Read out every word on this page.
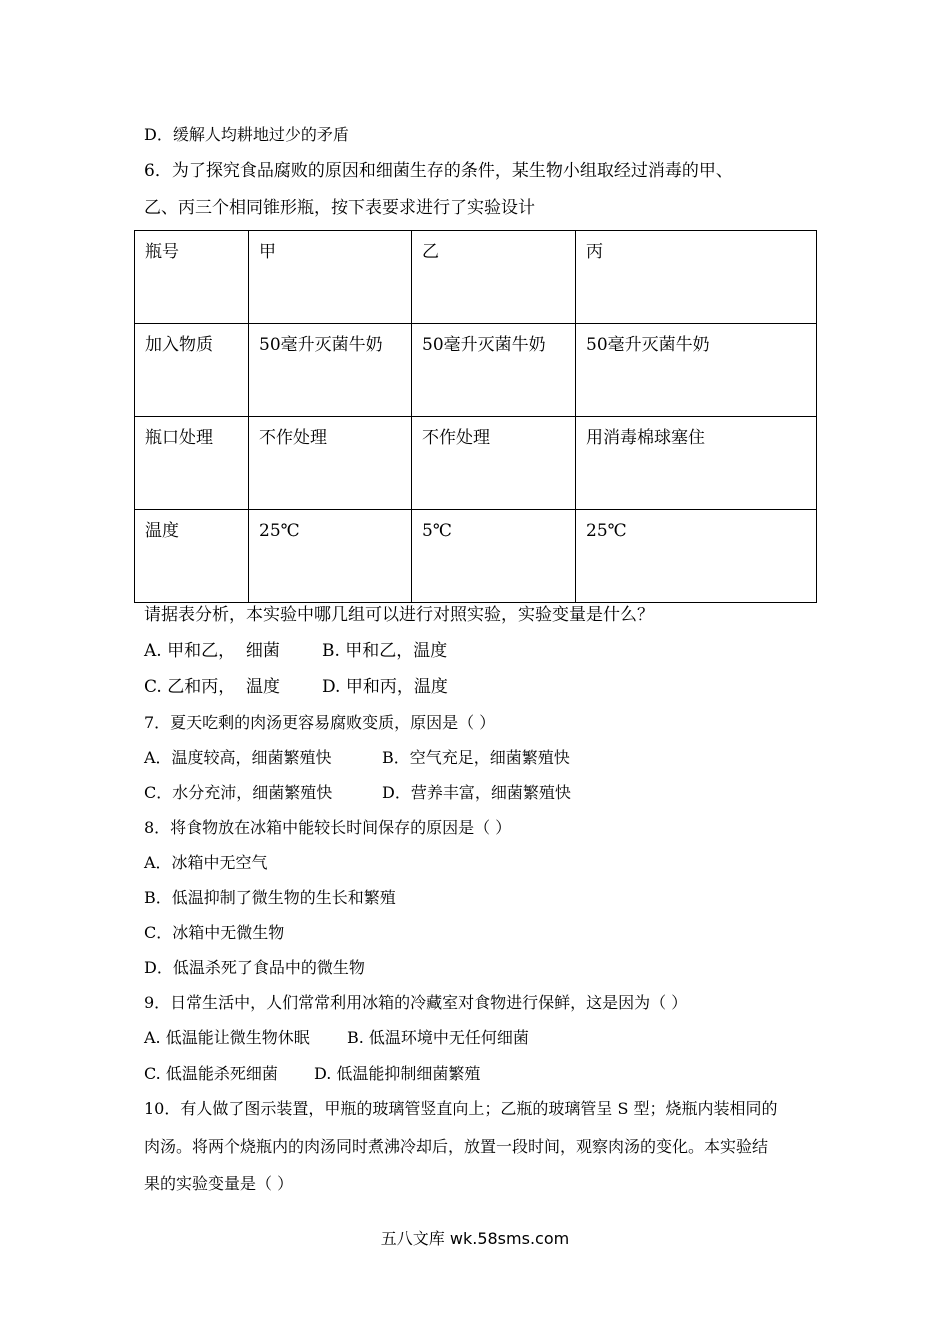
D．缓解人均耕地过少的矛盾
6．为了探究食品腐败的原因和细菌生存的条件，某生物小组取经过消毒的甲、
乙、丙三个相同锥形瓶，按下表要求进行了实验设计
瓶号	甲	乙	丙
加入物质	50毫升灭菌牛奶	50毫升灭菌牛奶	50毫升灭菌牛奶
瓶口处理	不作处理	不作处理	用消毒棉球塞住
温度	25℃	5℃	25℃
请据表分析，本实验中哪几组可以进行对照实验，实验变量是什么？
A. 甲和乙，  细菌 B. 甲和乙，温度
C. 乙和丙，  温度 D. 甲和丙，温度
7．夏天吃剩的肉汤更容易腐败变质，原因是（ ）
A．温度较高，细菌繁殖快	B．空气充足，细菌繁殖快
C．水分充沛，细菌繁殖快	D．营养丰富，细菌繁殖快
8．将食物放在冰箱中能较长时间保存的原因是（ ）
A．冰箱中无空气
B．低温抑制了微生物的生长和繁殖
C．冰箱中无微生物
D．低温杀死了食品中的微生物
9．日常生活中，人们常常利用冰箱的冷藏室对食物进行保鲜，这是因为（ ）
A. 低温能让微生物休眠 B. 低温环境中无任何细菌
C. 低温能杀死细菌 D. 低温能抑制细菌繁殖
10．有人做了图示装置，甲瓶的玻璃管竖直向上；乙瓶的玻璃管呈 S 型；烧瓶内装相同的
肉汤。将两个烧瓶内的肉汤同时煮沸冷却后，放置一段时间，观察肉汤的变化。本实验结
果的实验变量是（ ）
五八文库 wk.58sms.com
